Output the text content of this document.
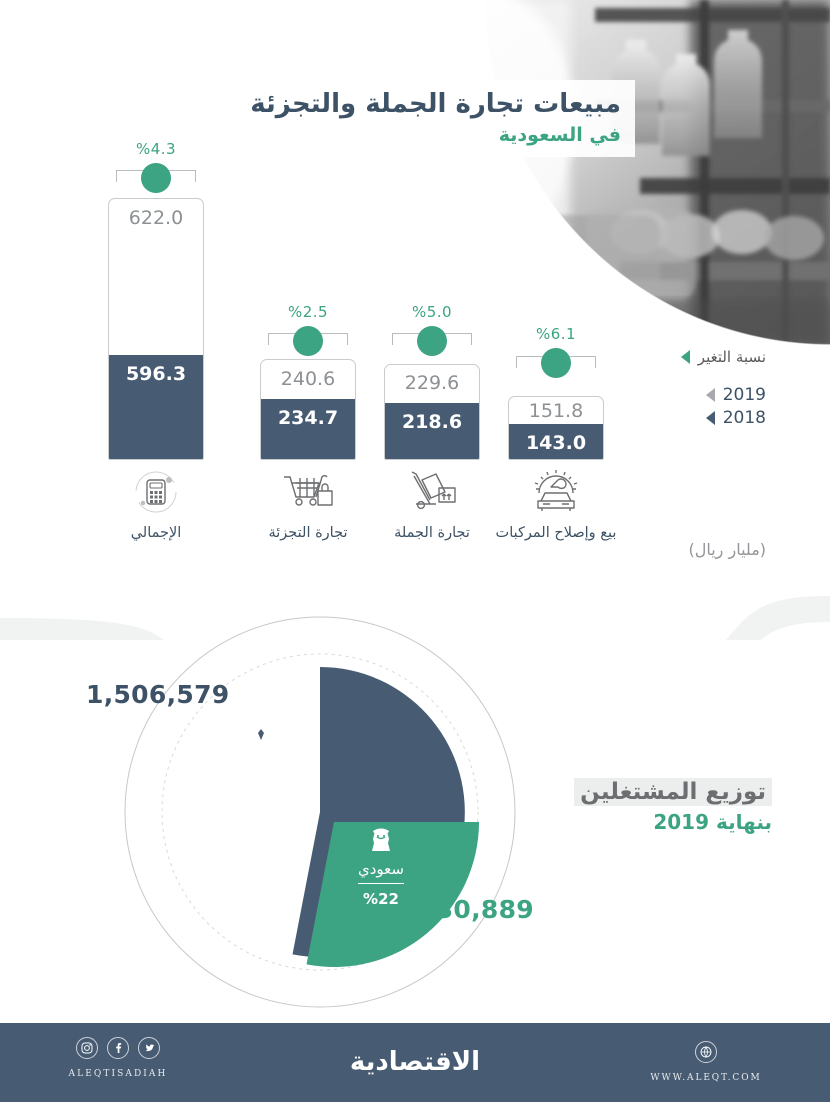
مبيعات تجارة الجملة والتجزئة
في السعودية
%4.3
596.3
622.0
الإجمالي
%2.5
234.7
240.6
تجارة التجزئة
%5.0
218.6
229.6
تجارة الجملة
%6.1
143.0
151.8
بيع وإصلاح المركبات
نسبة التغير
2019
2018
(مليار ريال)
غير سعودي
%78
سعودي
%22
1,506,579
430,889
توزيع المشتغلين
بنهاية 2019
ALEQTISADIAH	الاقتصادية
WWW.ALEQT.COM
